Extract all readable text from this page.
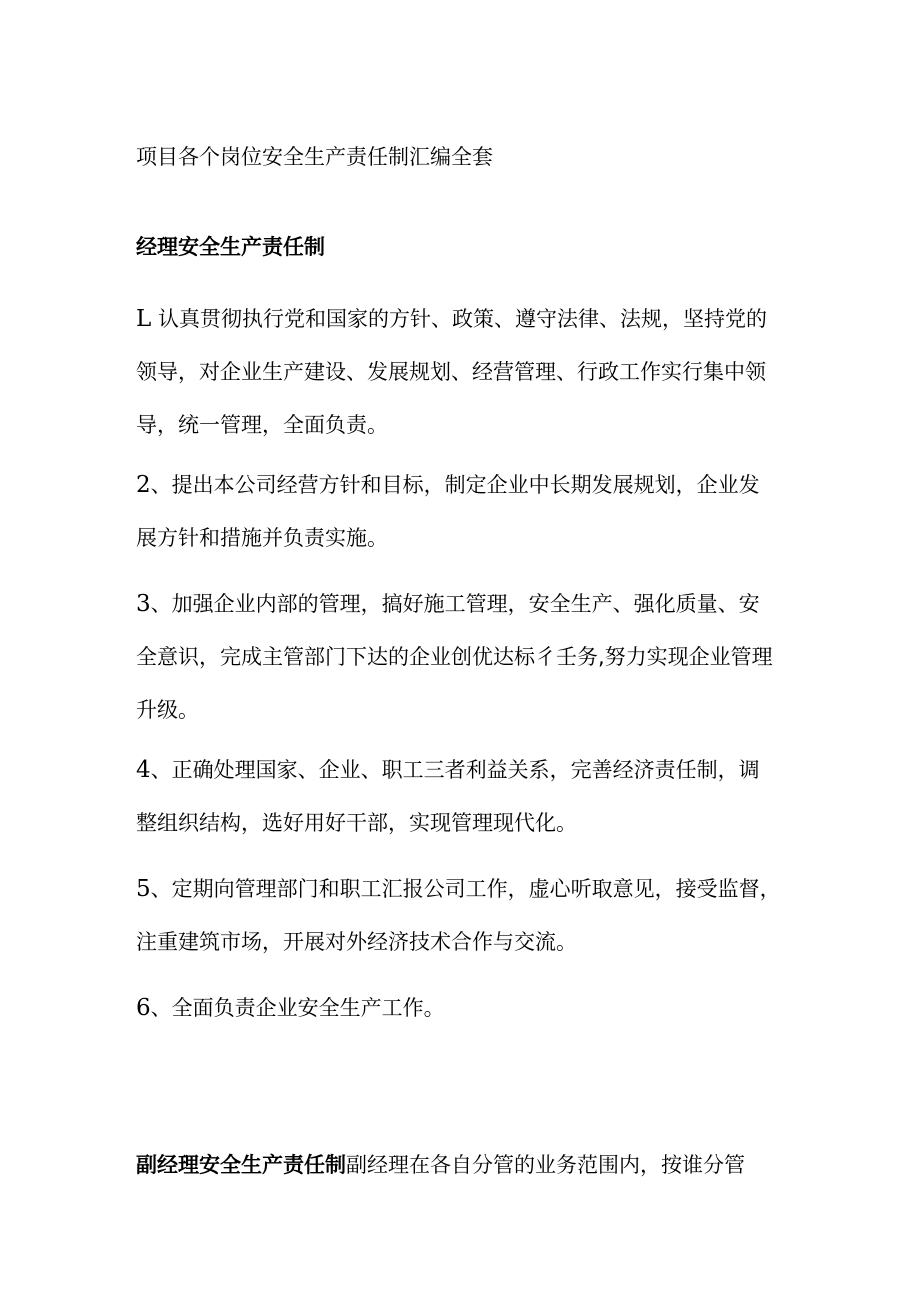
项目各个岗位安全生产责任制汇编全套
经理安全生产责任制
L 认真贯彻执行党和国家的方针、政策、遵守法律、法规，坚持党的
领导，对企业生产建设、发展规划、经营管理、行政工作实行集中领
导，统一管理，全面负责。
2、提出本公司经营方针和目标，制定企业中长期发展规划，企业发
展方针和措施并负责实施。
3、加强企业内部的管理，搞好施工管理，安全生产、强化质量、安
全意识，完成主管部门下达的企业创优达标彳壬务,努力实现企业管理
升级。
4、正确处理国家、企业、职工三者利益关系，完善经济责任制，调
整组织结构，选好用好干部，实现管理现代化。
5、定期向管理部门和职工汇报公司工作，虚心听取意见，接受监督，
注重建筑市场，开展对外经济技术合作与交流。
6、全面负责企业安全生产工作。
副经理安全生产责任制副经理在各自分管的业务范围内，按谁分管
